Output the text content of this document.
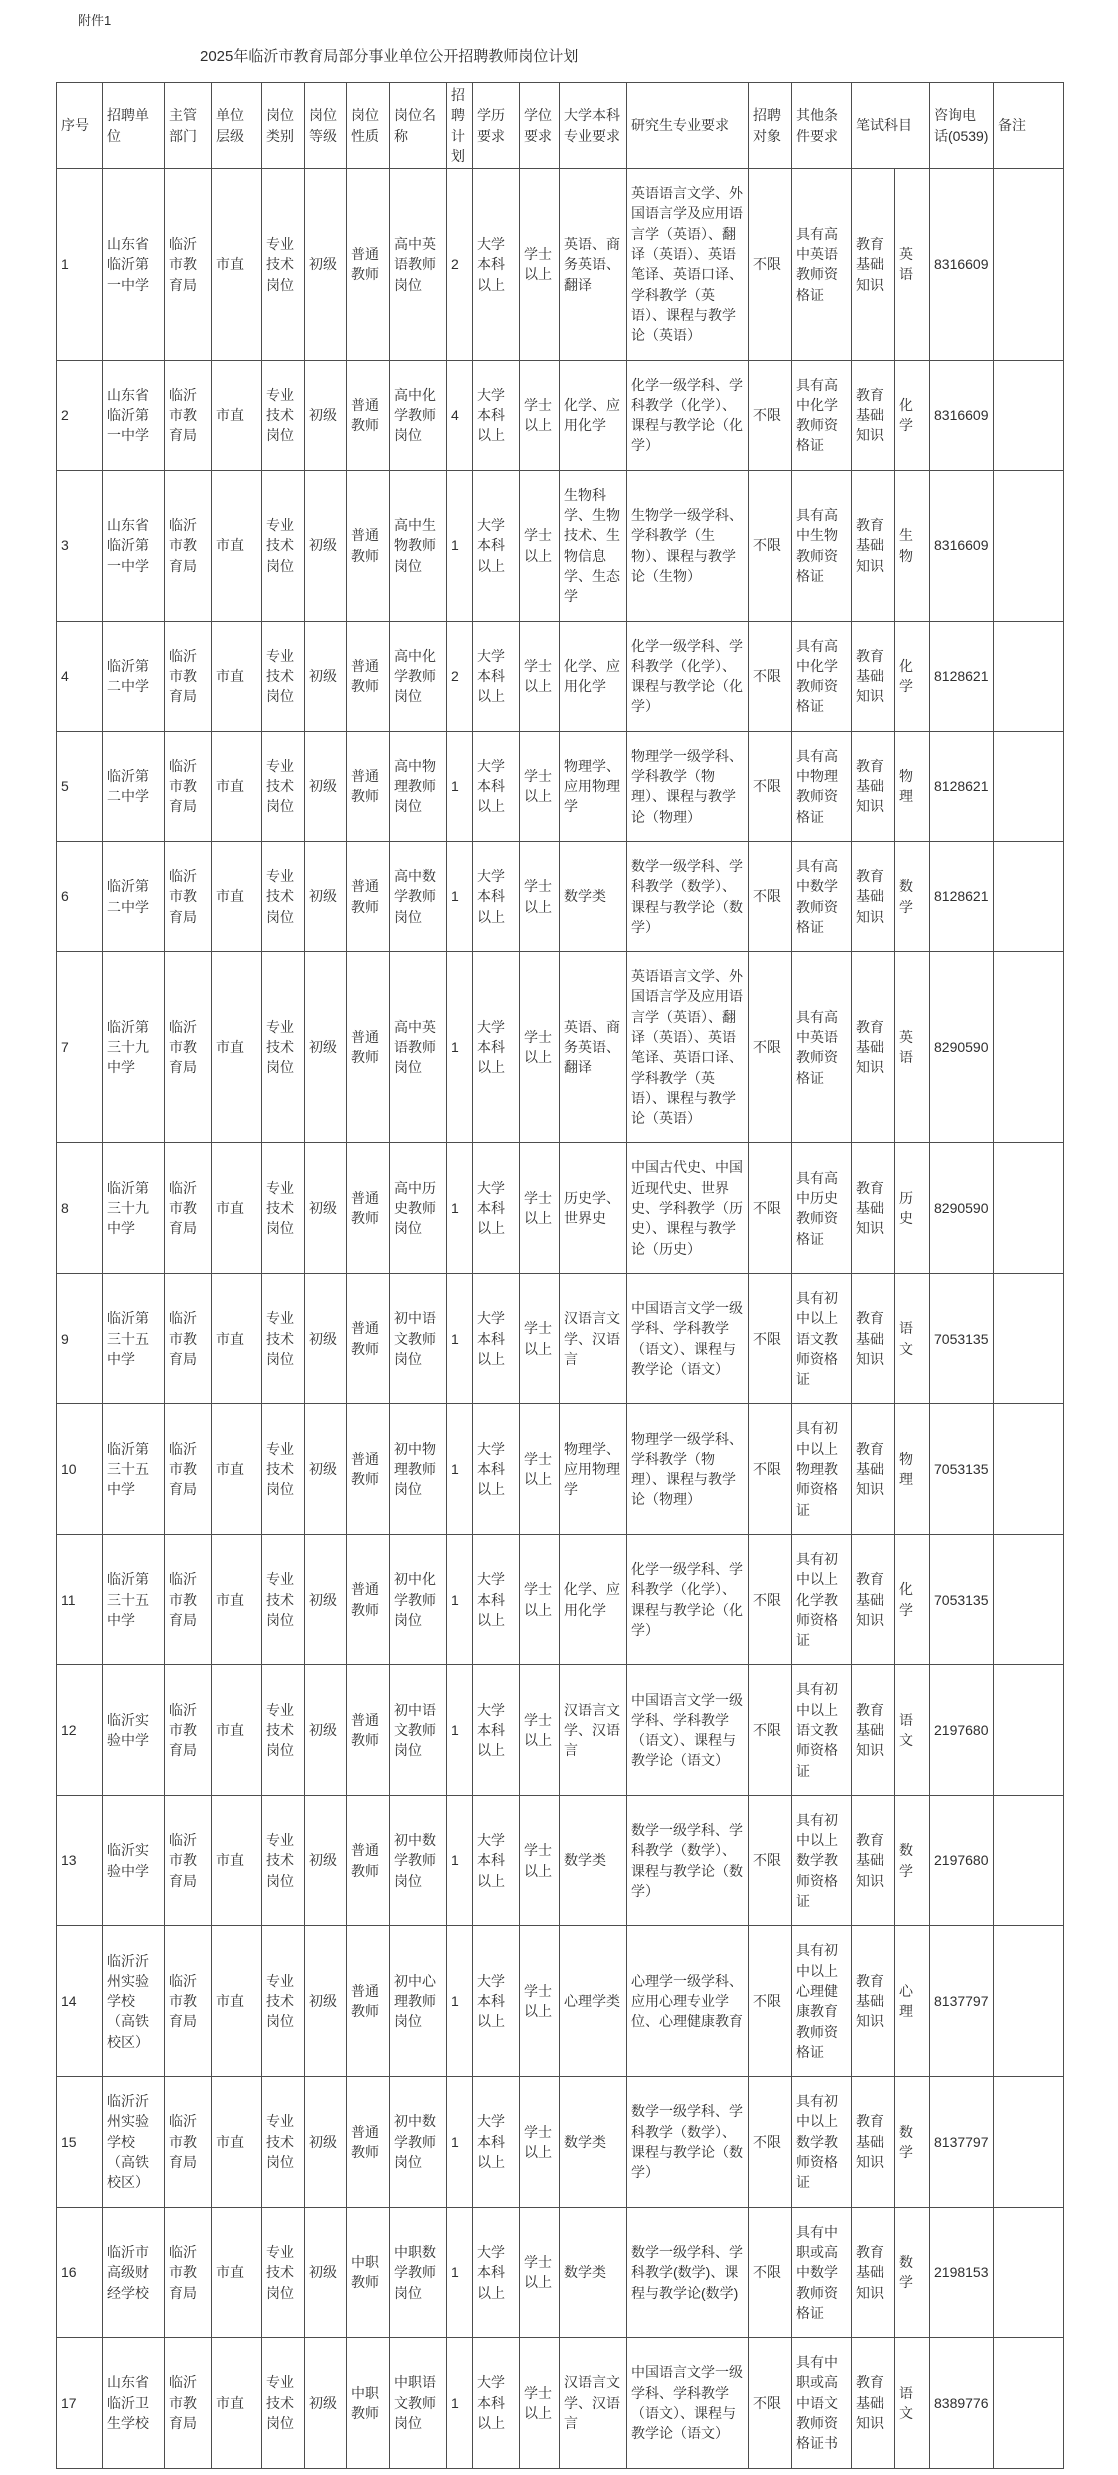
附件1
2025年临沂市教育局部分事业单位公开招聘教师岗位计划
序号	招聘单位	主管部门	单位层级	岗位类别	岗位等级	岗位性质	岗位名称	招聘计划	学历要求	学位要求	大学本科专业要求	研究生专业要求	招聘对象	其他条件要求	笔试科目		咨询电话(0539)	备注
1	山东省临沂第一中学	临沂市教育局	市直	专业技术岗位	初级	普通教师	高中英语教师岗位	2	大学本科以上	学士以上	英语、商务英语、翻译	英语语言文学、外国语言学及应用语言学（英语）、翻译（英语）、英语笔译、英语口译、学科教学（英语）、课程与教学论（英语）	不限	具有高中英语教师资格证	教育基础知识	英语	8316609	
2	山东省临沂第一中学	临沂市教育局	市直	专业技术岗位	初级	普通教师	高中化学教师岗位	4	大学本科以上	学士以上	化学、应用化学	化学一级学科、学科教学（化学）、课程与教学论（化学）	不限	具有高中化学教师资格证	教育基础知识	化学	8316609	
3	山东省临沂第一中学	临沂市教育局	市直	专业技术岗位	初级	普通教师	高中生物教师岗位	1	大学本科以上	学士以上	生物科学、生物技术、生物信息学、生态学	生物学一级学科、学科教学（生物）、课程与教学论（生物）	不限	具有高中生物教师资格证	教育基础知识	生物	8316609	
4	临沂第二中学	临沂市教育局	市直	专业技术岗位	初级	普通教师	高中化学教师岗位	2	大学本科以上	学士以上	化学、应用化学	化学一级学科、学科教学（化学）、课程与教学论（化学）	不限	具有高中化学教师资格证	教育基础知识	化学	8128621	
5	临沂第二中学	临沂市教育局	市直	专业技术岗位	初级	普通教师	高中物理教师岗位	1	大学本科以上	学士以上	物理学、应用物理学	物理学一级学科、学科教学（物理）、课程与教学论（物理）	不限	具有高中物理教师资格证	教育基础知识	物理	8128621	
6	临沂第二中学	临沂市教育局	市直	专业技术岗位	初级	普通教师	高中数学教师岗位	1	大学本科以上	学士以上	数学类	数学一级学科、学科教学（数学）、课程与教学论（数学）	不限	具有高中数学教师资格证	教育基础知识	数学	8128621	
7	临沂第三十九中学	临沂市教育局	市直	专业技术岗位	初级	普通教师	高中英语教师岗位	1	大学本科以上	学士以上	英语、商务英语、翻译	英语语言文学、外国语言学及应用语言学（英语）、翻译（英语）、英语笔译、英语口译、学科教学（英语）、课程与教学论（英语）	不限	具有高中英语教师资格证	教育基础知识	英语	8290590	
8	临沂第三十九中学	临沂市教育局	市直	专业技术岗位	初级	普通教师	高中历史教师岗位	1	大学本科以上	学士以上	历史学、世界史	中国古代史、中国近现代史、世界史、学科教学（历史）、课程与教学论（历史）	不限	具有高中历史教师资格证	教育基础知识	历史	8290590	
9	临沂第三十五中学	临沂市教育局	市直	专业技术岗位	初级	普通教师	初中语文教师岗位	1	大学本科以上	学士以上	汉语言文学、汉语言	中国语言文学一级学科、学科教学（语文）、课程与教学论（语文）	不限	具有初中以上语文教师资格证	教育基础知识	语文	7053135	
10	临沂第三十五中学	临沂市教育局	市直	专业技术岗位	初级	普通教师	初中物理教师岗位	1	大学本科以上	学士以上	物理学、应用物理学	物理学一级学科、学科教学（物理）、课程与教学论（物理）	不限	具有初中以上物理教师资格证	教育基础知识	物理	7053135	
11	临沂第三十五中学	临沂市教育局	市直	专业技术岗位	初级	普通教师	初中化学教师岗位	1	大学本科以上	学士以上	化学、应用化学	化学一级学科、学科教学（化学）、课程与教学论（化学）	不限	具有初中以上化学教师资格证	教育基础知识	化学	7053135	
12	临沂实验中学	临沂市教育局	市直	专业技术岗位	初级	普通教师	初中语文教师岗位	1	大学本科以上	学士以上	汉语言文学、汉语言	中国语言文学一级学科、学科教学（语文）、课程与教学论（语文）	不限	具有初中以上语文教师资格证	教育基础知识	语文	2197680	
13	临沂实验中学	临沂市教育局	市直	专业技术岗位	初级	普通教师	初中数学教师岗位	1	大学本科以上	学士以上	数学类	数学一级学科、学科教学（数学）、课程与教学论（数学）	不限	具有初中以上数学教师资格证	教育基础知识	数学	2197680	
14	临沂沂州实验学校（高铁校区）	临沂市教育局	市直	专业技术岗位	初级	普通教师	初中心理教师岗位	1	大学本科以上	学士以上	心理学类	心理学一级学科、应用心理专业学位、心理健康教育	不限	具有初中以上心理健康教育教师资格证	教育基础知识	心理	8137797	
15	临沂沂州实验学校（高铁校区）	临沂市教育局	市直	专业技术岗位	初级	普通教师	初中数学教师岗位	1	大学本科以上	学士以上	数学类	数学一级学科、学科教学（数学）、课程与教学论（数学）	不限	具有初中以上数学教师资格证	教育基础知识	数学	8137797	
16	临沂市高级财经学校	临沂市教育局	市直	专业技术岗位	初级	中职教师	中职数学教师岗位	1	大学本科以上	学士以上	数学类	数学一级学科、学科教学(数学)、课程与教学论(数学)	不限	具有中职或高中数学教师资格证	教育基础知识	数学	2198153	
17	山东省临沂卫生学校	临沂市教育局	市直	专业技术岗位	初级	中职教师	中职语文教师岗位	1	大学本科以上	学士以上	汉语言文学、汉语言	中国语言文学一级学科、学科教学（语文）、课程与教学论（语文）	不限	具有中职或高中语文教师资格证书	教育基础知识	语文	8389776	
